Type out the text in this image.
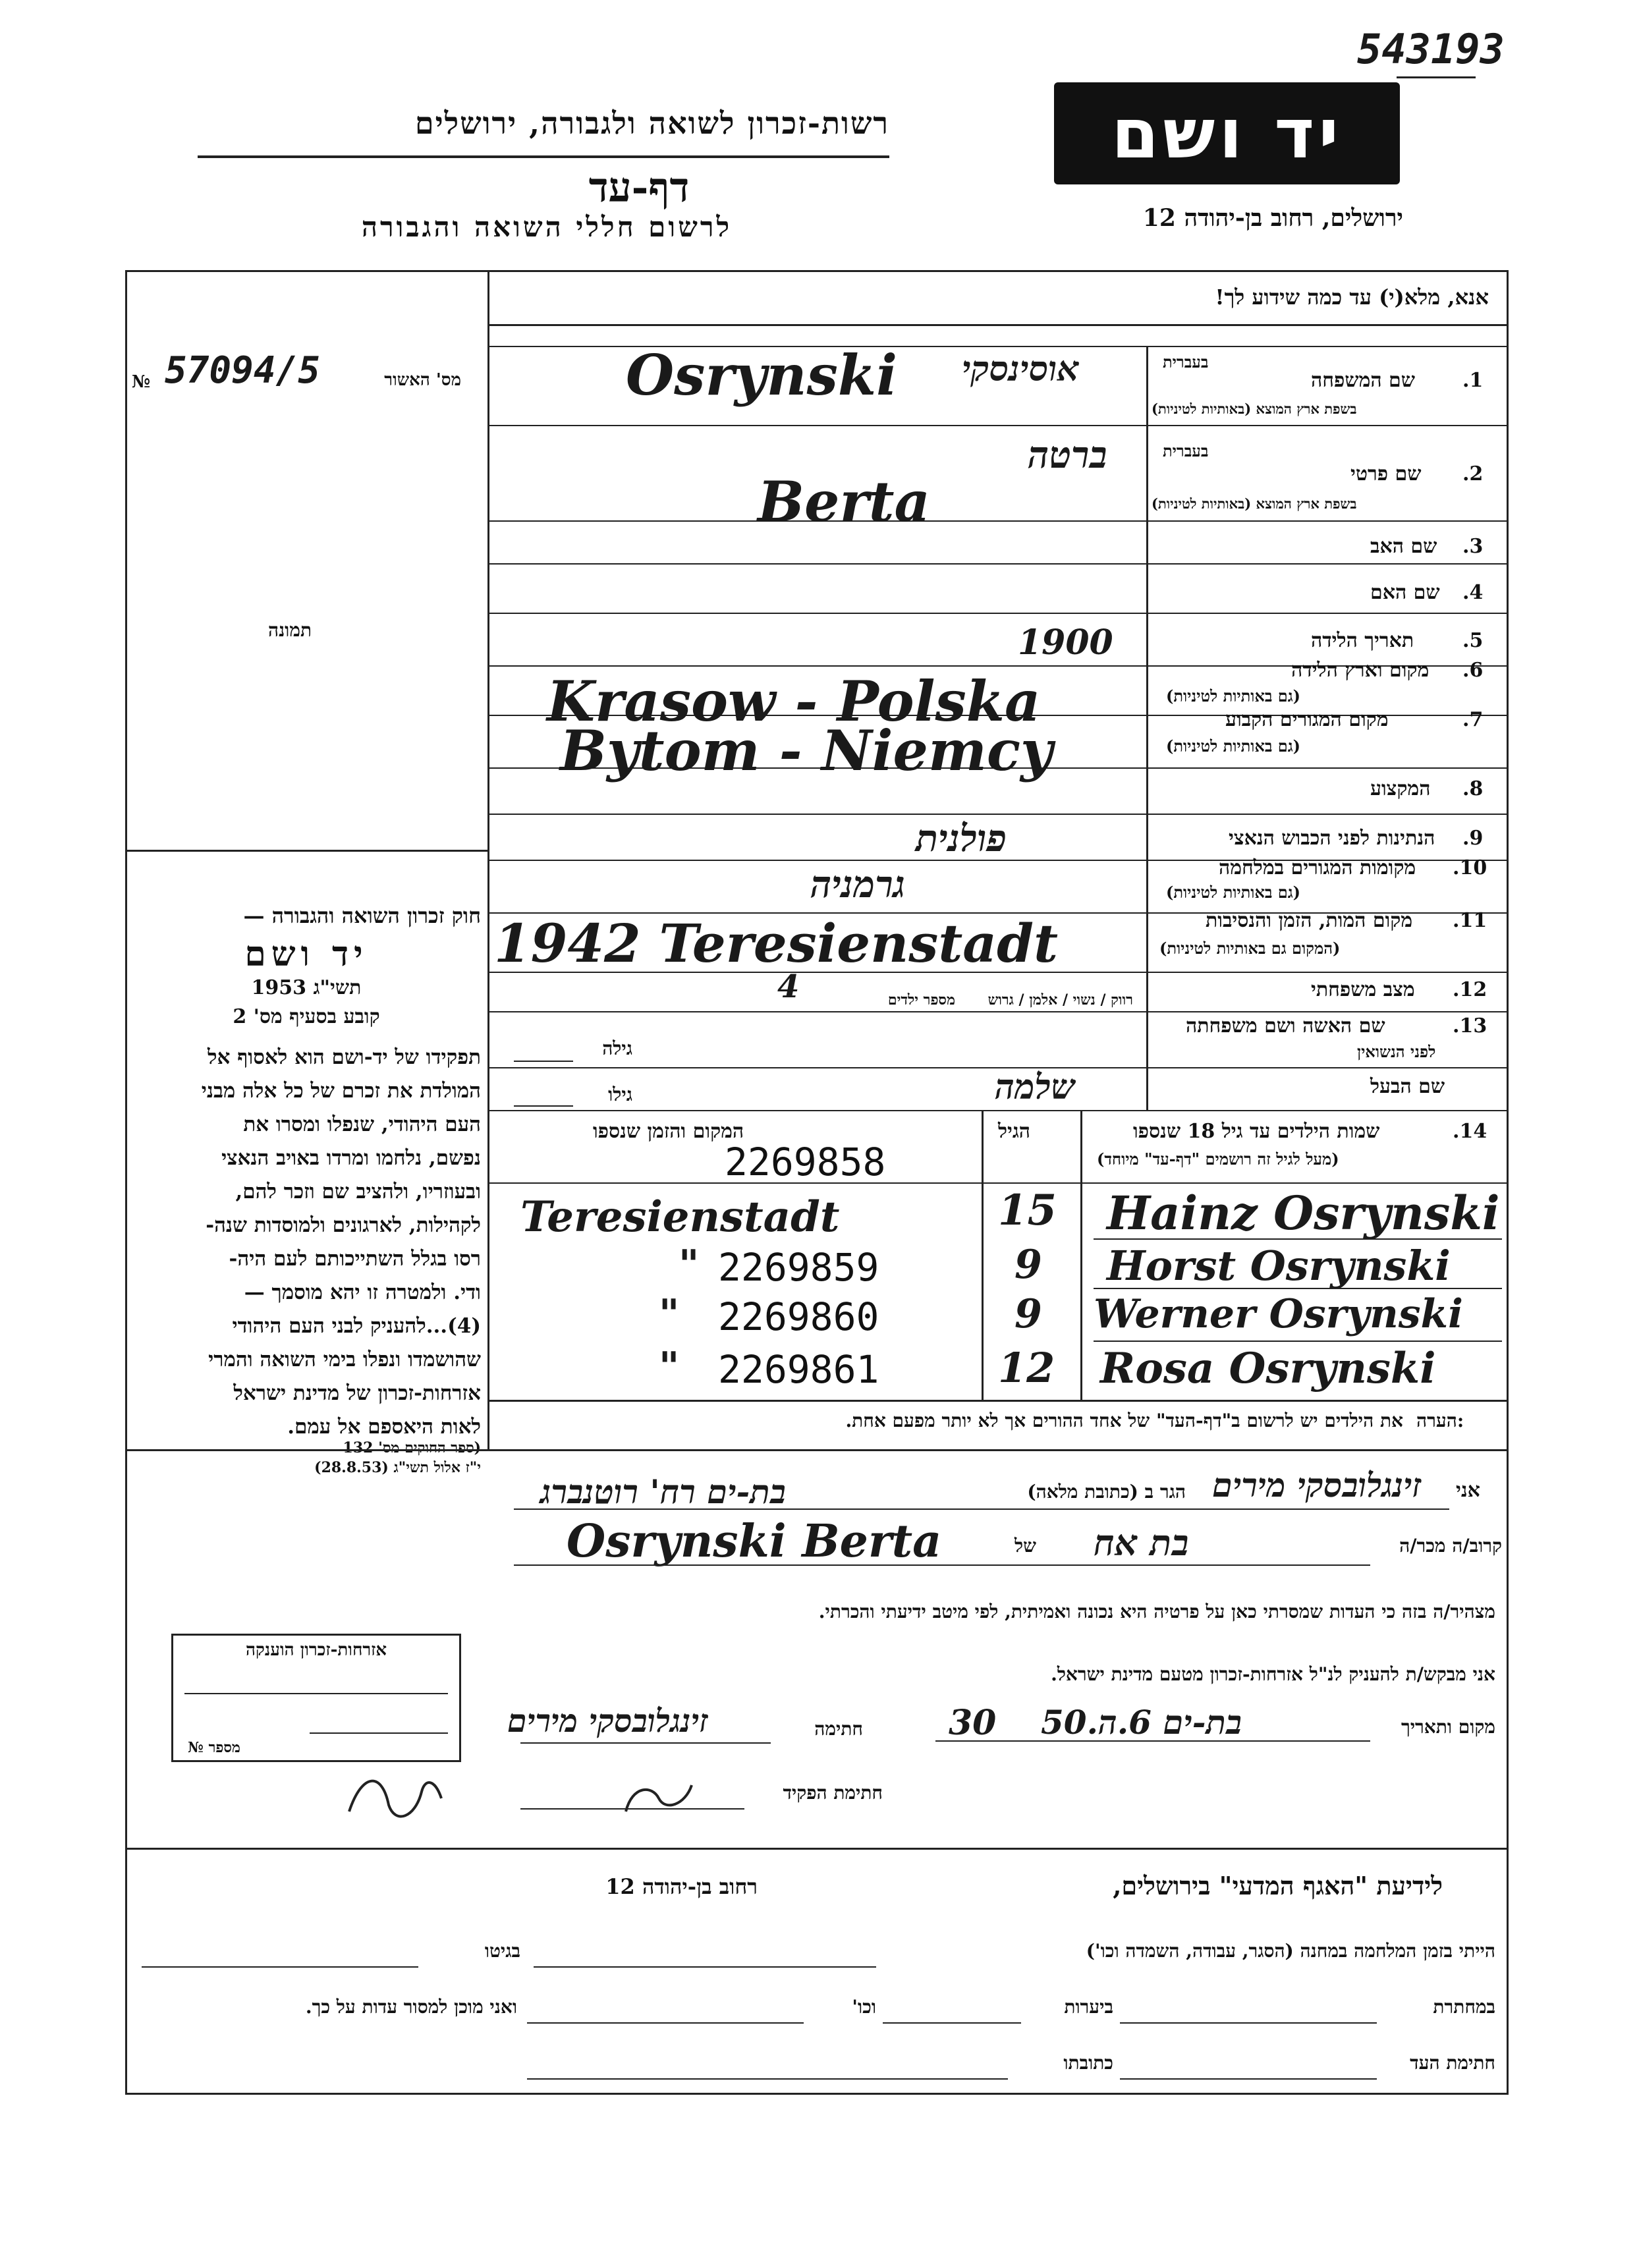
543193
רשות-זכרון לשואה ולגבורה, ירושלים
דף-עד
לרשום חללי השואה והגבורה
יד ושם
ירושלים, רחוב בן-יהודה 12
אנא, מלא(י) עד כמה שידוע לך!
מס' האשור
57094/5
№
תמונה
חוק זכרון השואה והגבורה —
יד ושם
תשי"ג 1953
קובע בסעיף מס' 2
תפקידו של יד-ושם הוא לאסוף אל
המולדת את זכרם של כל אלה מבני
העם היהודי, שנפלו ומסרו את
נפשם, נלחמו ומרדו באויב הנאצי
ובעוזריו, ולהציב שם וזכר להם,
לקהילות, לארגונים ולמוסדות שנה-
רסו בגלל השתייכותם לעם היה-
ודי. ולמטרה זו יהא מוסמך —
(4)...להעניק לבני העם היהודי
שהושמדו ונפלו בימי השואה והמרי
אזרחות-זכרון של מדינת ישראל
לאות היאספם אל עמם.
(ספר החוקים מס' 132
י"ז אלול תשי"ג (28.8.53)
1.
שם המשפחה
בעברית
בשפת ארץ המוצא (באותיות לטיניות)
אוסינסקי
Osrynski
2.
שם פרטי
בעברית
בשפת ארץ המוצא (באותיות לטיניות)
ברטה
Berta
3.
שם האב
4.
שם האם
5.
תאריך הלידה
1900
6.
מקום וארץ הלידה
(גם באותיות לטיניות)
Krasow - Polska	7.
מקום המגורים הקבוע
(גם באותיות לטיניות)
Bytom - Niemcy
8.
המקצוע
9.
הנתינות לפני הכבוש הנאצי
פולנית
10.
מקומות המגורים במלחמה
(גם באותיות לטיניות)
גרמניה
11.
מקום המות, הזמן והנסיבות
(המקום גם באותיות לטיניות)
1942 Teresienstadt
12.
מצב משפחתי
רווק / נשוי / אלמן / גרוש
מספר ילדים
4
13.
שם האשה ושם משפחתה
לפני הנשואין
גילה
שם הבעל
שלמה
גילו
14.
שמות הילדים עד גיל 18 שנספו
(מעל לגיל זה רושמים "דף-עד" מיוחד)
הגיל
המקום והזמן שנספו
2269858
Hainz Osrynski
15
Teresienstadt
Horst Osrynski
9
" 2269859
Werner Osrynski
9
" 2269860
Rosa Osrynski
12
" 2269861
הערה:
את הילדים יש לרשום ב"דף-העד" של אחד ההורים אך לא יותר מפעם אחת.
אני
זינגלובסקי מירים
הגר ב (כתובת מלאה)
בת-ים רח' רוטנברג
קרוב/ה מכר/ה
בת אח
של
Osrynski Berta
מצהיר/ה בזה כי העדות שמסרתי כאן על פרטיה היא נכונה ואמיתית, לפי מיטב ידיעתי והכרתי.
אזרחות-זכרון הוענקה
№ מספר
אני מבקש/ת להעניק לנ"ל אזרחות-זכרון מטעם מדינת ישראל.
מקום ותאריך
בת-ים 6.ה.50
30
חתימה
זינגלובסקי מירים
חתימת הפקיד
לידיעת "האגף המדעי" בירושלים,
רחוב בן-יהודה 12
הייתי בזמן המלחמה במחנה (הסגר, עבודה, השמדה וכו')
בגיטו
במחתרת
ביערות
וכו'
ואני מוכן למסור עדות על כך.
חתימת העד
כתובתו
